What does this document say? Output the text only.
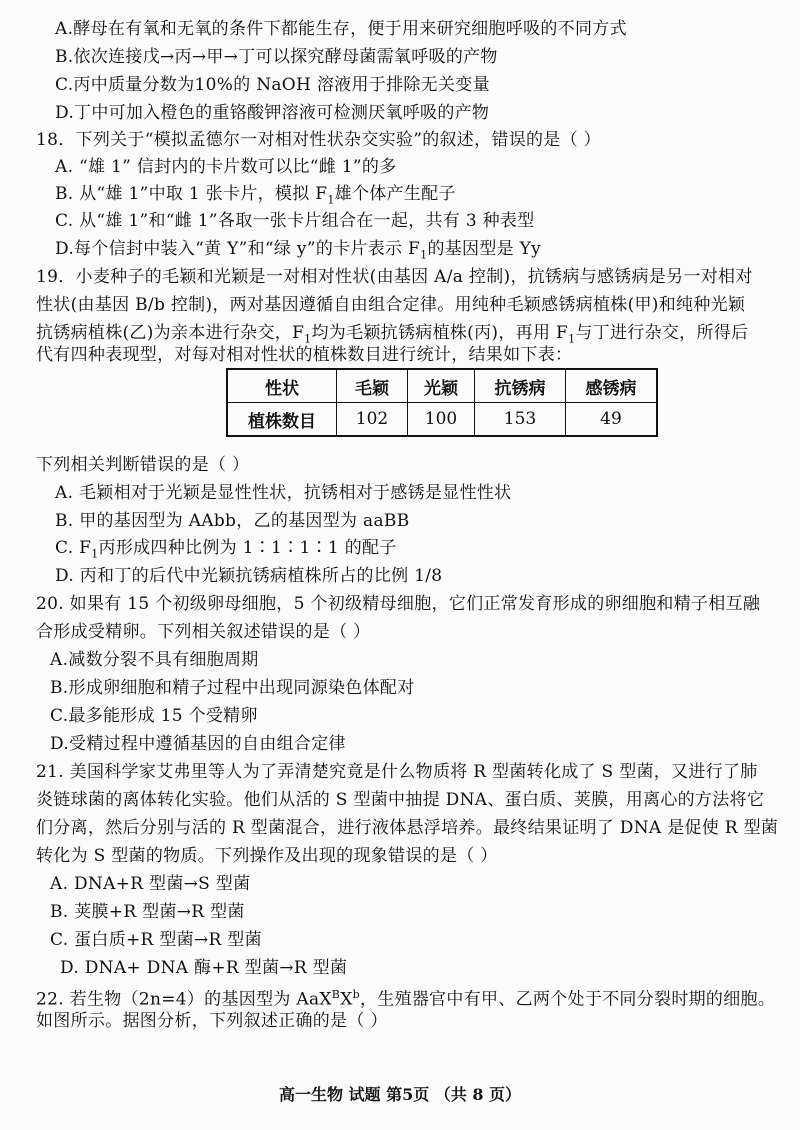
A.酵母在有氧和无氧的条件下都能生存，便于用来研究细胞呼吸的不同方式
B.依次连接戊→丙→甲→丁可以探究酵母菌需氧呼吸的产物
C.丙中质量分数为10%的 NaOH 溶液用于排除无关变量
D.丁中可加入橙色的重铬酸钾溶液可检测厌氧呼吸的产物
18．下列关于“模拟孟德尔一对相对性状杂交实验”的叙述，错误的是（ ）
A. “雄 1” 信封内的卡片数可以比“雌 1”的多
B. 从“雄 1”中取 1 张卡片，模拟 $F_1$雄个体产生配子
C. 从“雄 1”和“雌 1”各取一张卡片组合在一起，共有 3 种表型
D.每个信封中装入“黄 Y”和“绿 y”的卡片表示 $F_1$的基因型是 Yy
19．小麦种子的毛颖和光颖是一对相对性状(由基因 A/a 控制)，抗锈病与感锈病是另一对相对
性状(由基因 B/b 控制)，两对基因遵循自由组合定律。用纯种毛颖感锈病植株(甲)和纯种光颖
抗锈病植株(乙)为亲本进行杂交，$F_1$均为毛颖抗锈病植株(丙)，再用 $F_1$与丁进行杂交，所得后
代有四种表现型，对每对相对性状的植株数目进行统计，结果如下表：
性状	毛颖	光颖	抗锈病	感锈病
植株数目	102	100	153	49
下列相关判断错误的是（ ）
A. 毛颖相对于光颖是显性性状，抗锈相对于感锈是显性性状
B. 甲的基因型为 AAbb，乙的基因型为 aaBB
C. $F_1$丙形成四种比例为 1∶1∶1∶1 的配子
D. 丙和丁的后代中光颖抗锈病植株所占的比例 1/8
20. 如果有 15 个初级卵母细胞，5 个初级精母细胞，它们正常发育形成的卵细胞和精子相互融
合形成受精卵。下列相关叙述错误的是（ ）
A.减数分裂不具有细胞周期
B.形成卵细胞和精子过程中出现同源染色体配对
C.最多能形成 15 个受精卵
D.受精过程中遵循基因的自由组合定律
21. 美国科学家艾弗里等人为了弄清楚究竟是什么物质将 R 型菌转化成了 S 型菌，又进行了肺
炎链球菌的离体转化实验。他们从活的 S 型菌中抽提 DNA、蛋白质、荚膜，用离心的方法将它
们分离，然后分别与活的 R 型菌混合，进行液体悬浮培养。最终结果证明了 DNA 是促使 R 型菌
转化为 S 型菌的物质。下列操作及出现的现象错误的是（ ）
A. DNA+R 型菌→S 型菌
B. 荚膜+R 型菌→R 型菌
C. 蛋白质+R 型菌→R 型菌
D. DNA+ DNA 酶+R 型菌→R 型菌
22. 若生物（2n=4）的基因型为 $AaX^BX^b$，生殖器官中有甲、乙两个处于不同分裂时期的细胞。
如图所示。据图分析，下列叙述正确的是（ ）
高一生物 试题 第5页 （共 8 页）
